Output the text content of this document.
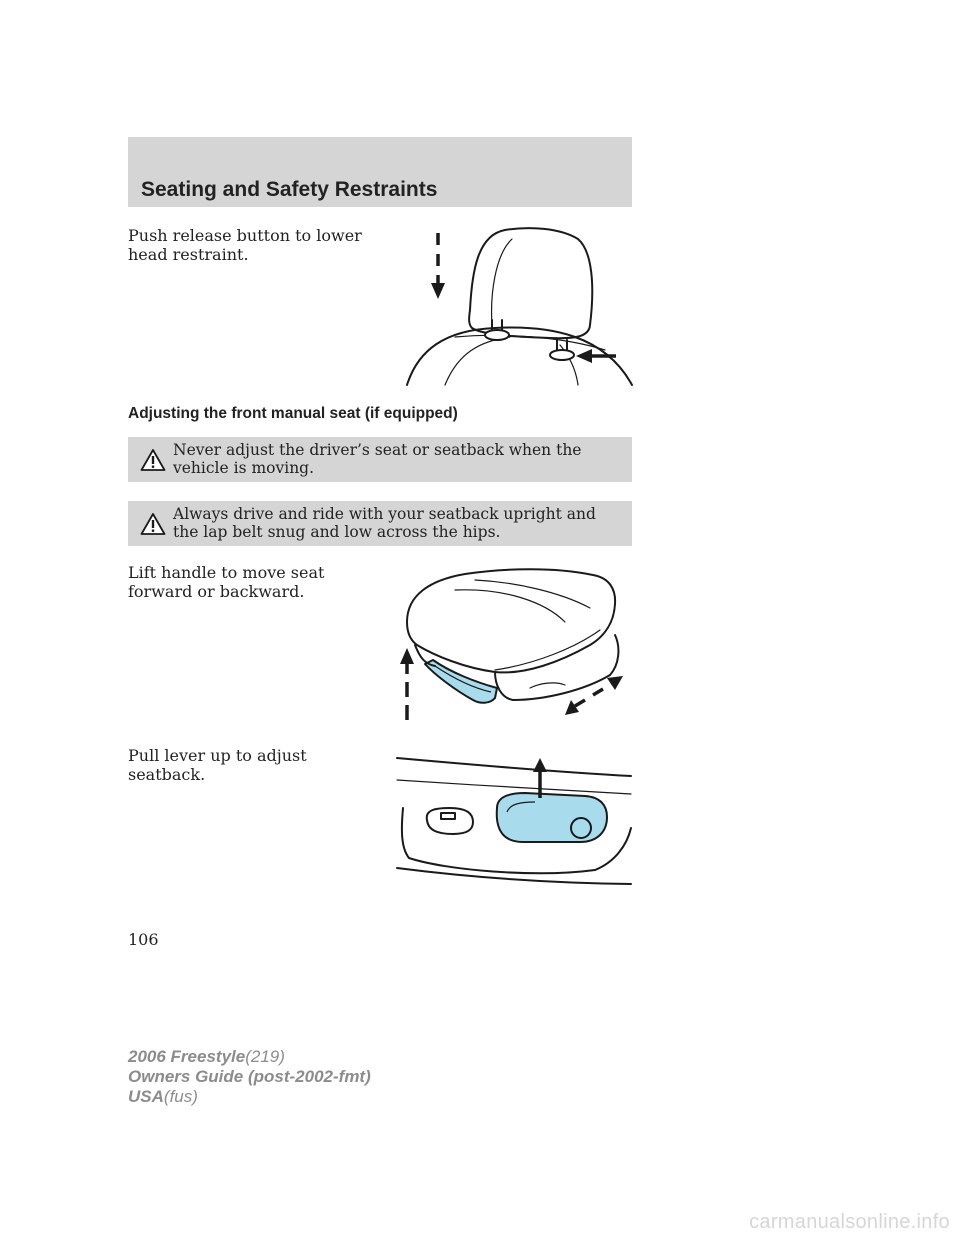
Seating and Safety Restraints
Push release button to lower head restraint.
Adjusting the front manual seat (if equipped)
Never adjust the driver’s seat or seatback when the vehicle is moving.
Always drive and ride with your seatback upright and the lap belt snug and low across the hips.
Lift handle to move seat forward or backward.
Pull lever up to adjust seatback.
106
2006 Freestyle(219)
Owners Guide (post-2002-fmt)
USA(fus)
carmanualsonline.info
